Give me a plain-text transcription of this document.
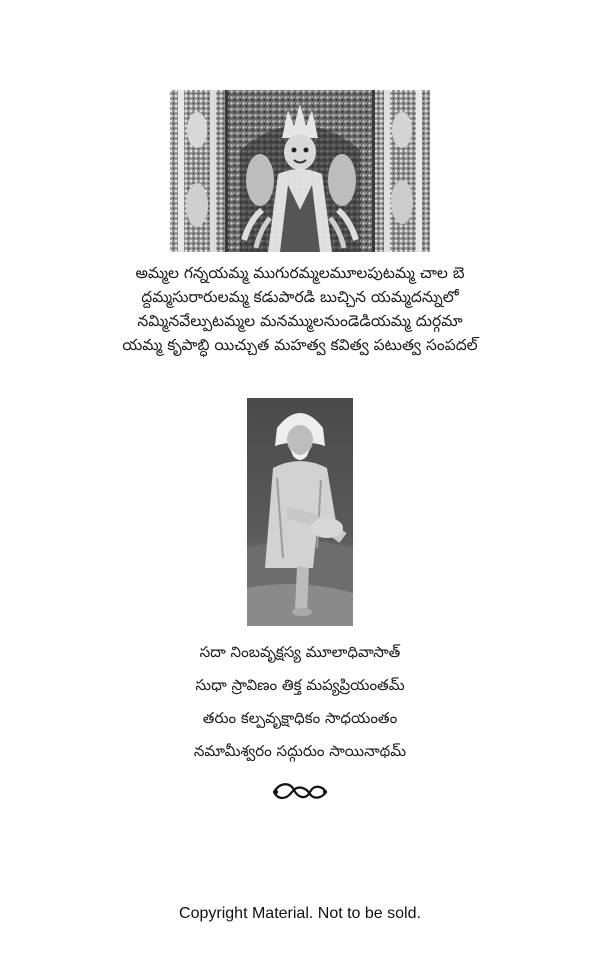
అమ్మల గన్నయమ్మ ముగురమ్మలమూలపుటమ్మ చాల బె
ద్దమ్మసురారులమ్మ కడుపారడి బుచ్చిన యమ్మదన్నులో
నమ్మినవేల్పుటమ్మల మనమ్ములనుండెడియమ్మ దుర్గమా
యమ్మ కృపాబ్ధి యిచ్చుత మహత్వ కవిత్వ పటుత్వ సంపదల్
సదా నింబవృక్షస్య మూలాధివాసాత్
సుధా స్రావిణం తిక్త మప్యప్రియంతమ్
తరుం కల్పవృక్షాధికం సాధయంతం
నమామీశ్వరం సద్గురుం సాయినాథమ్
Copyright Material. Not to be sold.
